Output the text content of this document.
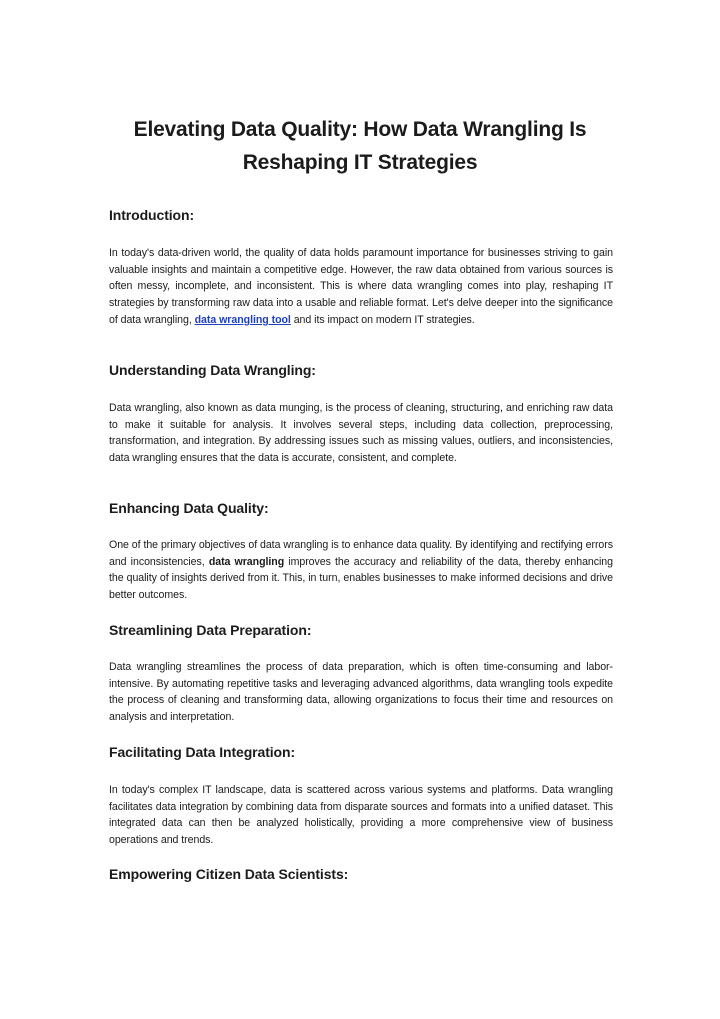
Elevating Data Quality: How Data Wrangling Is
Reshaping IT Strategies
Introduction:

In today's data-driven world, the quality of data holds paramount importance for businesses striving to gain valuable insights and maintain a competitive edge. However, the raw data obtained from various sources is often messy, incomplete, and inconsistent. This is where data wrangling comes into play, reshaping IT strategies by transforming raw data into a usable and reliable format. Let's delve deeper into the significance of data wrangling, data wrangling tool and its impact on modern IT strategies.

Understanding Data Wrangling:

Data wrangling, also known as data munging, is the process of cleaning, structuring, and enriching raw data to make it suitable for analysis. It involves several steps, including data collection, preprocessing, transformation, and integration. By addressing issues such as missing values, outliers, and inconsistencies, data wrangling ensures that the data is accurate, consistent, and complete.

Enhancing Data Quality:

One of the primary objectives of data wrangling is to enhance data quality. By identifying and rectifying errors and inconsistencies, data wrangling improves the accuracy and reliability of the data, thereby enhancing the quality of insights derived from it. This, in turn, enables businesses to make informed decisions and drive better outcomes.

Streamlining Data Preparation:

Data wrangling streamlines the process of data preparation, which is often time-consuming and labor-intensive. By automating repetitive tasks and leveraging advanced algorithms, data wrangling tools expedite the process of cleaning and transforming data, allowing organizations to focus their time and resources on analysis and interpretation.

Facilitating Data Integration:

In today's complex IT landscape, data is scattered across various systems and platforms. Data wrangling facilitates data integration by combining data from disparate sources and formats into a unified dataset. This integrated data can then be analyzed holistically, providing a more comprehensive view of business operations and trends.

Empowering Citizen Data Scientists:
